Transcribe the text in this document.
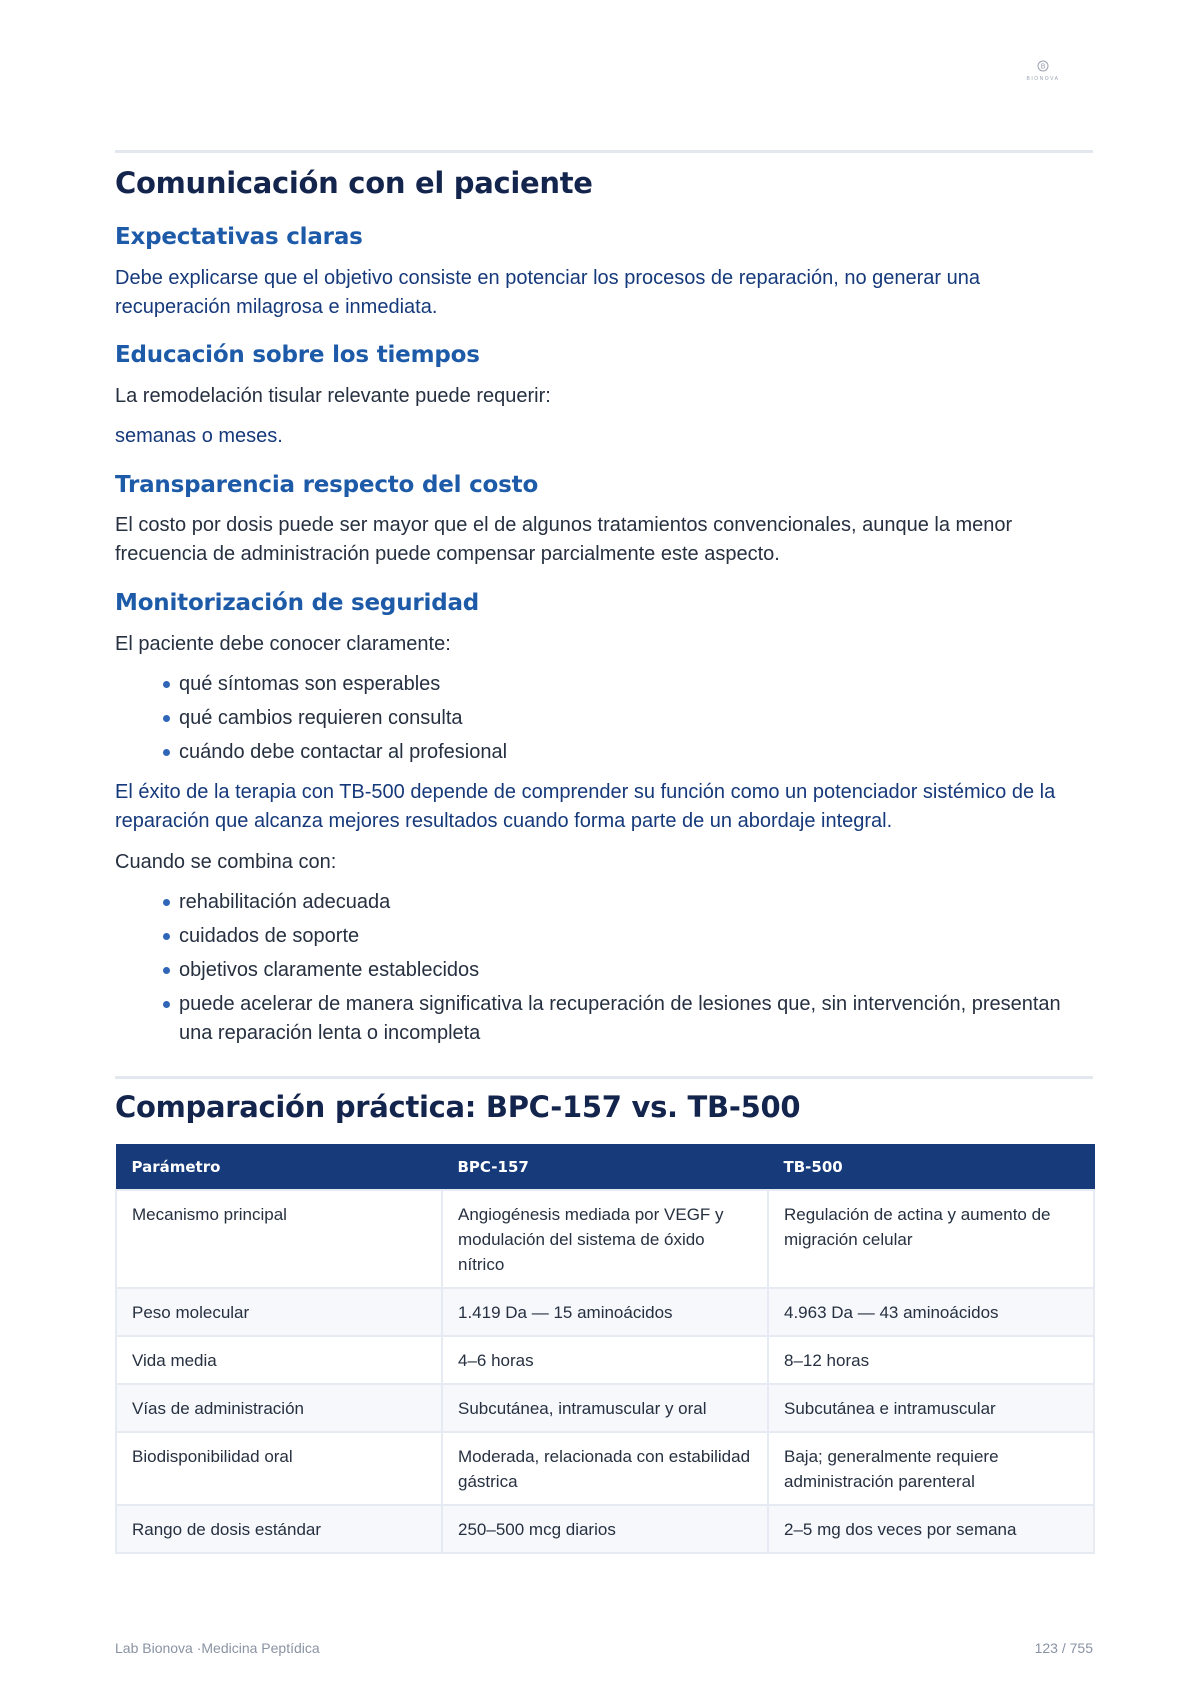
B
BIONOVA
Comunicación con el paciente
Expectativas claras

Debe explicarse que el objetivo consiste en potenciar los procesos de reparación, no generar una recuperación milagrosa e inmediata.

Educación sobre los tiempos

La remodelación tisular relevante puede requerir:

semanas o meses.

Transparencia respecto del costo

El costo por dosis puede ser mayor que el de algunos tratamientos convencionales, aunque la menor frecuencia de administración puede compensar parcialmente este aspecto.

Monitorización de seguridad

El paciente debe conocer claramente:

qué síntomas son esperables
qué cambios requieren consulta
cuándo debe contactar al profesional

El éxito de la terapia con TB-500 depende de comprender su función como un potenciador sistémico de la reparación que alcanza mejores resultados cuando forma parte de un abordaje integral.

Cuando se combina con:

rehabilitación adecuada
cuidados de soporte
objetivos claramente establecidos
puede acelerar de manera significativa la recuperación de lesiones que, sin intervención, presentan una reparación lenta o incompleta
Comparación práctica: BPC-157 vs. TB-500
Parámetro	BPC-157	TB-500
Mecanismo principal	Angiogénesis mediada por VEGF y modulación del sistema de óxido nítrico	Regulación de actina y aumento de migración celular
Peso molecular	1.419 Da — 15 aminoácidos	4.963 Da — 43 aminoácidos
Vida media	4–6 horas	8–12 horas
Vías de administración	Subcutánea, intramuscular y oral	Subcutánea e intramuscular
Biodisponibilidad oral	Moderada, relacionada con estabilidad gástrica	Baja; generalmente requiere administración parenteral
Rango de dosis estándar	250–500 mcg diarios	2–5 mg dos veces por semana
Lab Bionova ·Medicina Peptídica	123 / 755
